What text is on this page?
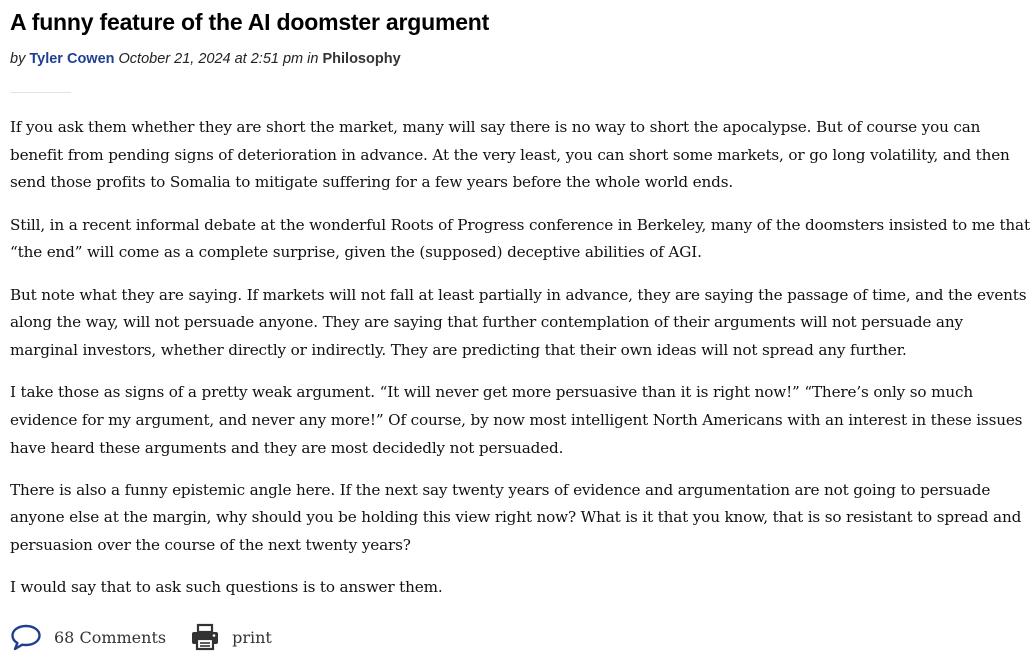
A funny feature of the AI doomster argument
by Tyler Cowen October 21, 2024 at 2:51 pm in Philosophy

If you ask them whether they are short the market, many will say there is no way to short the apocalypse. But of course you can benefit from pending signs of deterioration in advance. At the very least, you can short some markets, or go long volatility, and then send those profits to Somalia to mitigate suffering for a few years before the whole world ends.

Still, in a recent informal debate at the wonderful Roots of Progress conference in Berkeley, many of the doomsters insisted to me that “the end” will come as a complete surprise, given the (supposed) deceptive abilities of AGI.

But note what they are saying. If markets will not fall at least partially in advance, they are saying the passage of time, and the events along the way, will not persuade anyone. They are saying that further contemplation of their arguments will not persuade any marginal investors, whether directly or indirectly. They are predicting that their own ideas will not spread any further.

I take those as signs of a pretty weak argument. “It will never get more persuasive than it is right now!” “There’s only so much evidence for my argument, and never any more!” Of course, by now most intelligent North Americans with an interest in these issues have heard these arguments and they are most decidedly not persuaded.

There is also a funny epistemic angle here. If the next say twenty years of evidence and argumentation are not going to persuade anyone else at the margin, why should you be holding this view right now? What is it that you know, that is so resistant to spread and persuasion over the course of the next twenty years?

I would say that to ask such questions is to answer them.

68 Comments	print
